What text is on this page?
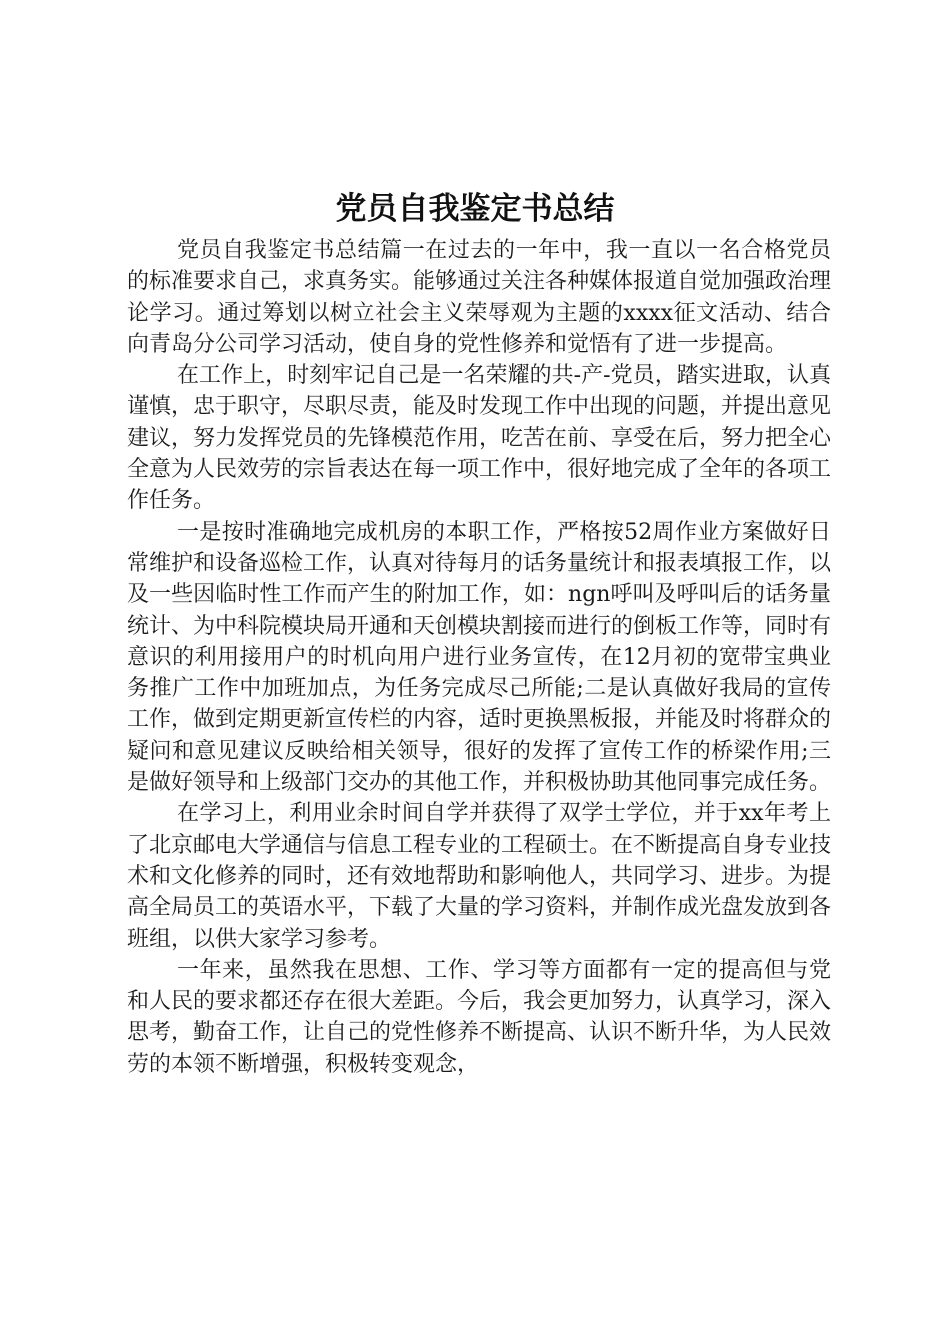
党员自我鉴定书总结

党员自我鉴定书总结篇一在过去的一年中，我一直以一名合格党员的标准要求自己，求真务实。能够通过关注各种媒体报道自觉加强政治理论学习。通过筹划以树立社会主义荣辱观为主题的xxxx征文活动、结合向青岛分公司学习活动，使自身的党性修养和觉悟有了进一步提高。

在工作上，时刻牢记自己是一名荣耀的共-产-党员，踏实进取，认真谨慎，忠于职守，尽职尽责，能及时发现工作中出现的问题，并提出意见建议，努力发挥党员的先锋模范作用，吃苦在前、享受在后，努力把全心全意为人民效劳的宗旨表达在每一项工作中，很好地完成了全年的各项工作任务。

一是按时准确地完成机房的本职工作，严格按52周作业方案做好日常维护和设备巡检工作，认真对待每月的话务量统计和报表填报工作，以及一些因临时性工作而产生的附加工作，如：ngn呼叫及呼叫后的话务量统计、为中科院模块局开通和天创模块割接而进行的倒板工作等，同时有意识的利用接用户的时机向用户进行业务宣传，在12月初的宽带宝典业务推广工作中加班加点，为任务完成尽己所能;二是认真做好我局的宣传工作，做到定期更新宣传栏的内容，适时更换黑板报，并能及时将群众的疑问和意见建议反映给相关领导，很好的发挥了宣传工作的桥梁作用;三是做好领导和上级部门交办的其他工作，并积极协助其他同事完成任务。

在学习上，利用业余时间自学并获得了双学士学位，并于xx年考上了北京邮电大学通信与信息工程专业的工程硕士。在不断提高自身专业技术和文化修养的同时，还有效地帮助和影响他人，共同学习、进步。为提高全局员工的英语水平，下载了大量的学习资料，并制作成光盘发放到各班组，以供大家学习参考。

一年来，虽然我在思想、工作、学习等方面都有一定的提高但与党和人民的要求都还存在很大差距。今后，我会更加努力，认真学习，深入思考，勤奋工作，让自己的党性修养不断提高、认识不断升华，为人民效劳的本领不断增强，积极转变观念，
